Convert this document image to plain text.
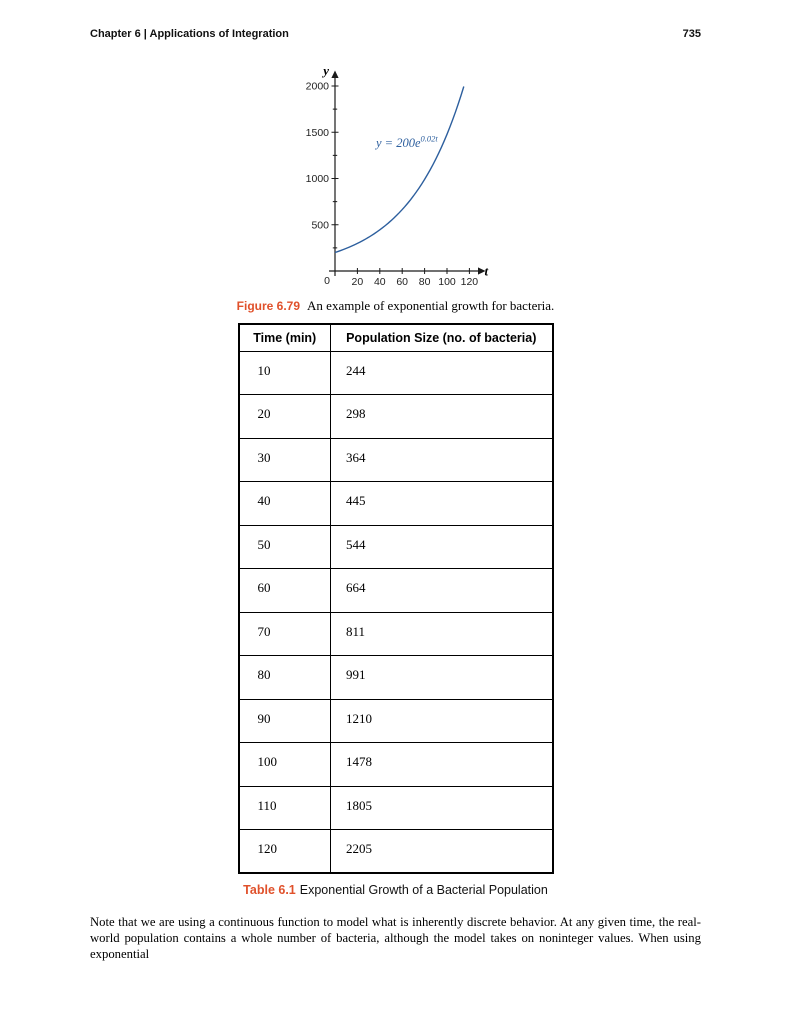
Chapter 6 | Applications of Integration	735
20 40 60 80 100 120
500
1000
1500
2000
0
y
t
$y = 200e^{0.02t}$
Figure 6.79 An example of exponential growth for bacteria.
Time (min)	Population Size (no. of bacteria)
10	244
20	298
30	364
40	445
50	544
60	664
70	811
80	991
90	1210
100	1478
110	1805
120	2205
Table 6.1 Exponential Growth of a Bacterial Population

Note that we are using a continuous function to model what is inherently discrete behavior. At any given time, the real-world population contains a whole number of bacteria, although the model takes on noninteger values. When using exponential
